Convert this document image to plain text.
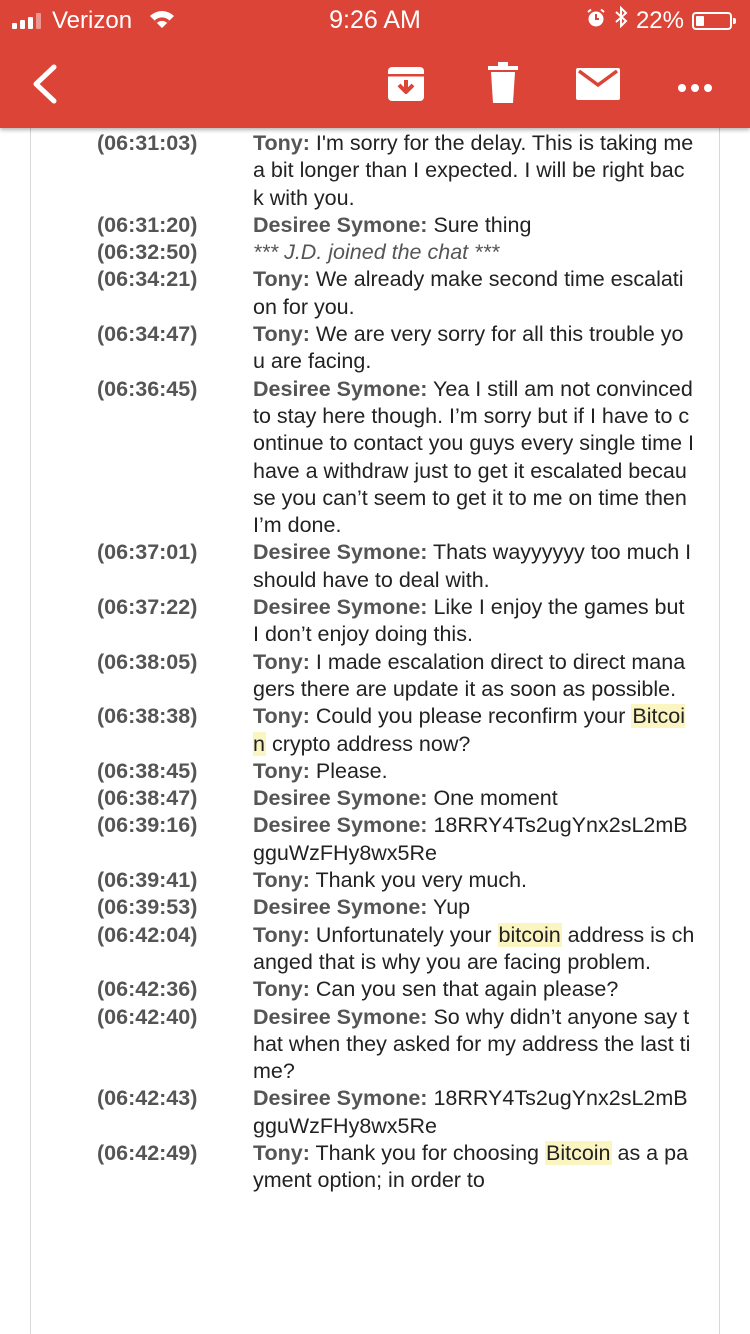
Verizon	9:26 AM	22%
(06:31:03)	Tony: I'm sorry for the delay. This is taking me a bit longer than I expected. I will be right back with you.
(06:31:20)	Desiree Symone: Sure thing
(06:32:50)	*** J.D. joined the chat ***
(06:34:21)	Tony: We already make second time escalation for you.
(06:34:47)	Tony: We are very sorry for all this trouble you are facing.
(06:36:45)	Desiree Symone: Yea I still am not convinced to stay here though. I’m sorry but if I have to continue to contact you guys every single time I have a withdraw just to get it escalated because you can’t seem to get it to me on time then I’m done.
(06:37:01)	Desiree Symone: Thats wayyyyyy too much I should have to deal with.
(06:37:22)	Desiree Symone: Like I enjoy the games but I don’t enjoy doing this.
(06:38:05)	Tony: I made escalation direct to direct managers there are update it as soon as possible.
(06:38:38)	Tony: Could you please reconfirm your Bitcoin crypto address now?
(06:38:45)	Tony: Please.
(06:38:47)	Desiree Symone: One moment
(06:39:16)	Desiree Symone: 18RRY4Ts2ugYnx2sL2mBgguWzFHy8wx5Re
(06:39:41)	Tony: Thank you very much.
(06:39:53)	Desiree Symone: Yup
(06:42:04)	Tony: Unfortunately your bitcoin address is changed that is why you are facing problem.
(06:42:36)	Tony: Can you sen that again please?
(06:42:40)	Desiree Symone: So why didn’t anyone say that when they asked for my address the last time?
(06:42:43)	Desiree Symone: 18RRY4Ts2ugYnx2sL2mBgguWzFHy8wx5Re
(06:42:49)	Tony: Thank you for choosing Bitcoin as a payment option; in order to
